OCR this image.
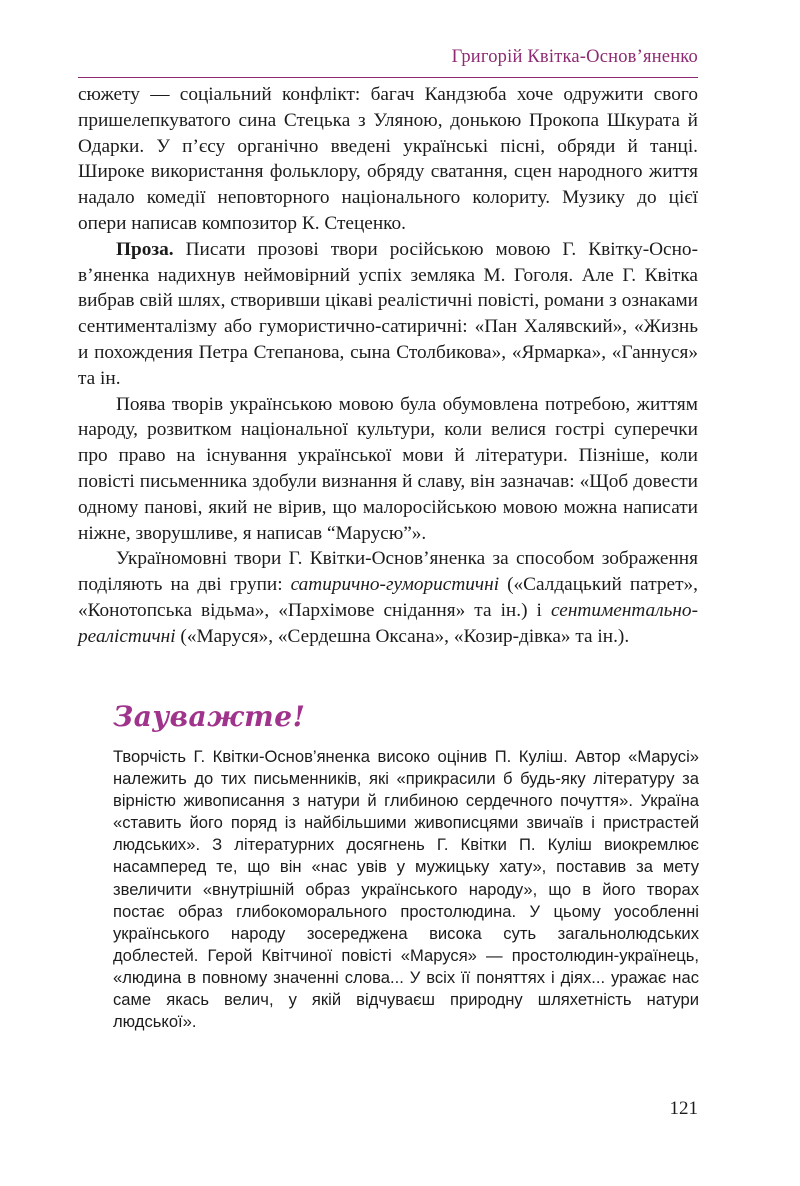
Григорій Квітка-Основ’яненко

сюжету — соціальний конфлікт: багач Кандзюба хоче одружити свого пришелепкуватого сина Стецька з Уляною, донькою Прокопа Шкурата й Одарки. У п’єсу органічно введені українські пісні, обряди й танці. Широке використання фольклору, обряду сватання, сцен народного життя надало комедії неповторного національного колориту. Музику до цієї опери написав композитор К. Стеценко.

Проза. Писати прозові твори російською мовою Г. Квітку-Основ’яненка надихнув неймовірний успіх земляка М. Гоголя. Але Г. Квітка вибрав свій шлях, створивши цікаві реалістичні повісті, романи з ознаками сентименталізму або гумористично-сатиричні: «Пан Халявский», «Жизнь и похождения Петра Степанова, сына Столбикова», «Ярмарка», «Ганнуся» та ін.

Поява творів українською мовою була обумовлена потребою, життям народу, розвитком національної культури, коли велися гострі суперечки про право на існування української мови й літератури. Пізніше, коли повісті письменника здобули визнання й славу, він зазначав: «Щоб довести одному панові, який не вірив, що малоросійською мовою можна написати ніжне, зворушливе, я написав “Марусю”».

Україномовні твори Г. Квітки-Основ’яненка за способом зображення поділяють на дві групи: сатирично-гумористичні («Салдацький патрет», «Конотопська відьма», «Пархімове снідання» та ін.) і сентиментально-реалістичні («Маруся», «Сердешна Оксана», «Козир-дівка» та ін.).

Зауважте!

Творчість Г. Квітки-Основ’яненка високо оцінив П. Куліш. Автор «Марусі» належить до тих письменників, які «прикрасили б будь-яку літературу за вірністю живописання з натури й глибиною сердечного почуття». Україна «ставить його поряд із найбільшими живописцями звичаїв і пристрастей людських». З літературних досягнень Г. Квітки П. Куліш виокремлює насамперед те, що він «нас увів у мужицьку хату», поставив за мету звеличити «внутрішній образ українського народу», що в його творах постає образ глибокоморального простолюдина. У цьому уособленні українського народу зосереджена висока суть загальнолюдських доблестей. Герой Квітчиної повісті «Маруся» — простолюдин-українець, «людина в повному значенні слова... У всіх її поняттях і діях... уражає нас саме якась велич, у якій відчуваєш природну шляхетність натури людської».

121
